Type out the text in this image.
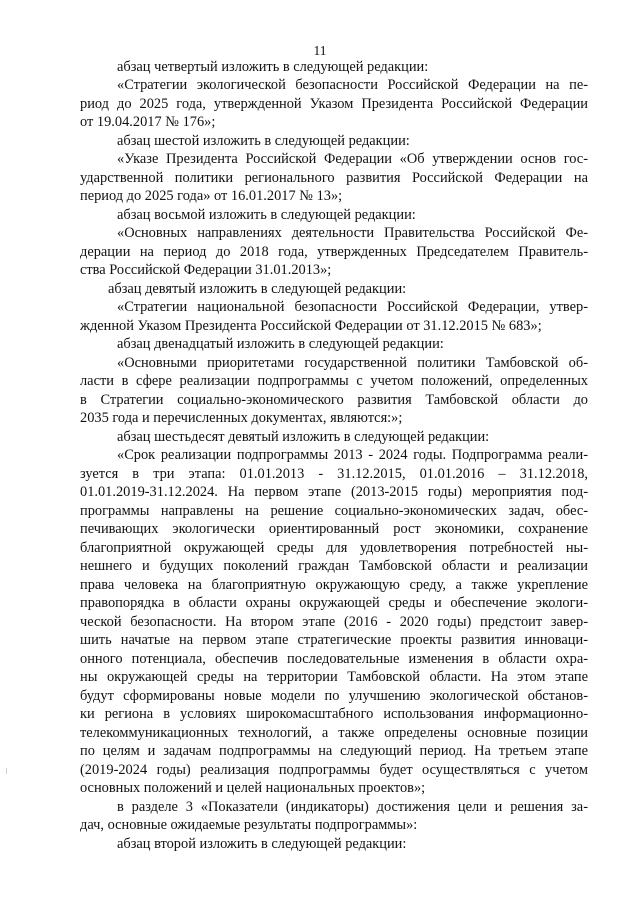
11
абзац четвертый изложить в следующей редакции:
«Стратегии экологической безопасности Российской Федерации на пе-
риод до 2025 года, утвержденной Указом Президента Российской Федерации
от 19.04.2017 № 176»;
абзац шестой изложить в следующей редакции:
«Указе Президента Российской Федерации «Об утверждении основ гос-
ударственной политики регионального развития Российской Федерации на
период до 2025 года» от 16.01.2017 № 13»;
абзац восьмой изложить в следующей редакции:
«Основных направлениях деятельности Правительства Российской Фе-
дерации на период до 2018 года, утвержденных Председателем Правитель-
ства Российской Федерации 31.01.2013»;
абзац девятый изложить в следующей редакции:
«Стратегии национальной безопасности Российской Федерации, утвер-
жденной Указом Президента Российской Федерации от 31.12.2015 № 683»;
абзац двенадцатый изложить в следующей редакции:
«Основными приоритетами государственной политики Тамбовской об-
ласти в сфере реализации подпрограммы с учетом положений, определенных
в Стратегии социально-экономического развития Тамбовской области до
2035 года и перечисленных документах, являются:»;
абзац шестьдесят девятый изложить в следующей редакции:
«Срок реализации подпрограммы 2013 - 2024 годы. Подпрограмма реали-
зуется в три этапа: 01.01.2013 - 31.12.2015, 01.01.2016 – 31.12.2018,
01.01.2019-31.12.2024. На первом этапе (2013-2015 годы) мероприятия под-
программы направлены на решение социально-экономических задач, обес-
печивающих экологически ориентированный рост экономики, сохранение
благоприятной окружающей среды для удовлетворения потребностей ны-
нешнего и будущих поколений граждан Тамбовской области и реализации
права человека на благоприятную окружающую среду, а также укрепление
правопорядка в области охраны окружающей среды и обеспечение экологи-
ческой безопасности. На втором этапе (2016 - 2020 годы) предстоит завер-
шить начатые на первом этапе стратегические проекты развития инноваци-
онного потенциала, обеспечив последовательные изменения в области охра-
ны окружающей среды на территории Тамбовской области. На этом этапе
будут сформированы новые модели по улучшению экологической обстанов-
ки региона в условиях широкомасштабного использования информационно-
телекоммуникационных технологий, а также определены основные позиции
по целям и задачам подпрограммы на следующий период. На третьем этапе
(2019-2024 годы) реализация подпрограммы будет осуществляться с учетом
основных положений и целей национальных проектов»;
в разделе 3 «Показатели (индикаторы) достижения цели и решения за-
дач, основные ожидаемые результаты подпрограммы»:
абзац второй изложить в следующей редакции:
